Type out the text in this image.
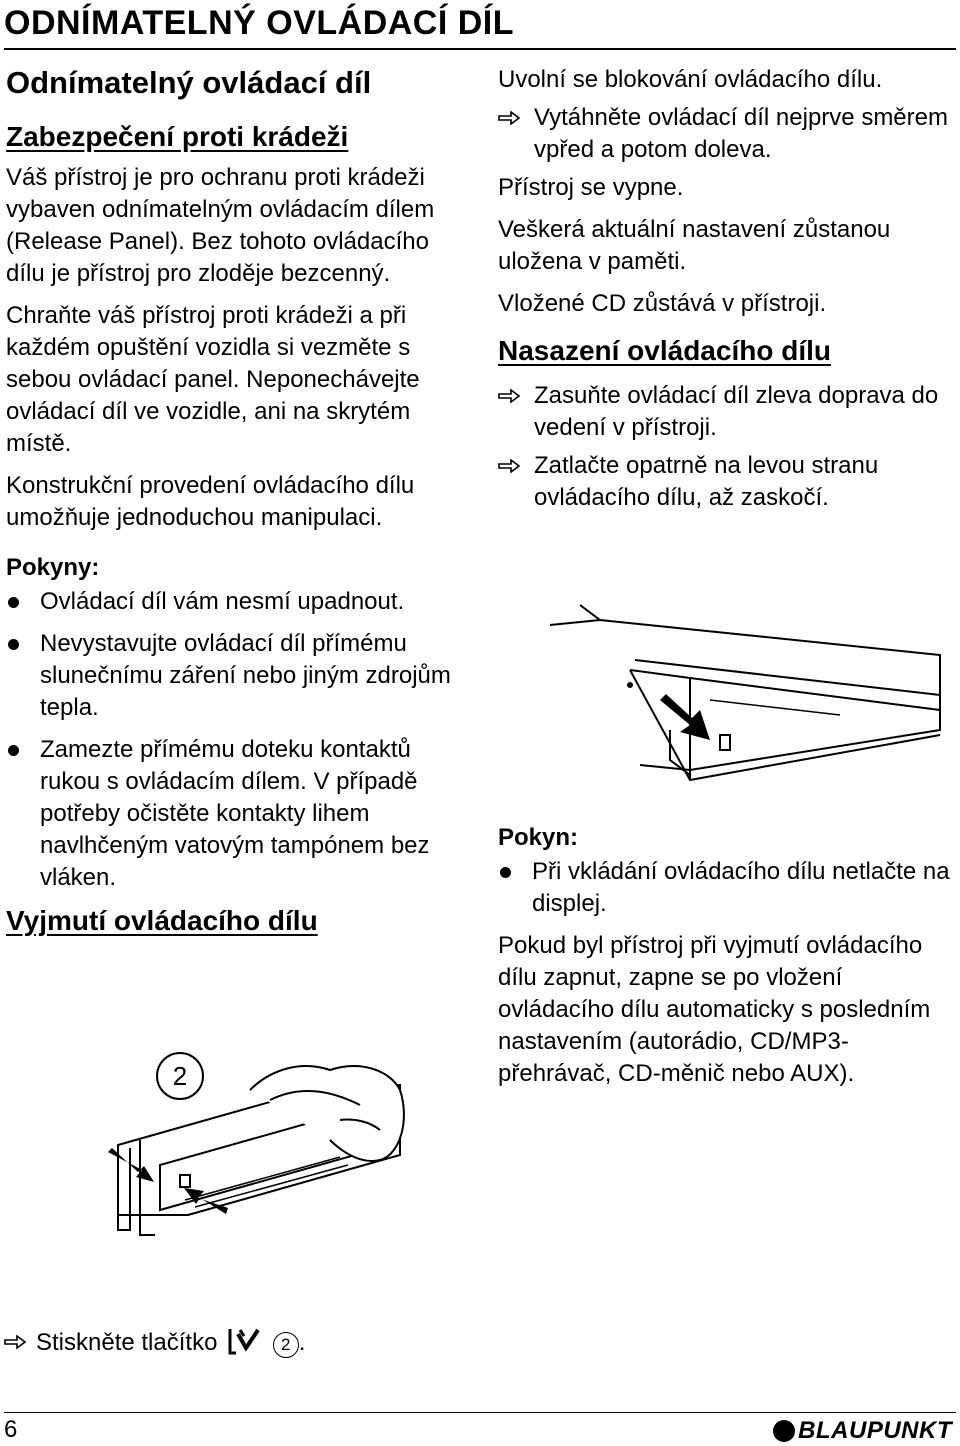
ODNÍMATELNÝ OVLÁDACÍ DÍL
Odnímatelný ovládací díl
Zabezpečení proti krádeži

Váš přístroj je pro ochranu proti krádeži vybaven odnímatelným ovládacím dílem (Release Panel). Bez tohoto ovládacího dílu je přístroj pro zloděje bezcenný.

Chraňte váš přístroj proti krádeži a při každém opuštění vozidla si vezměte s sebou ovládací panel. Neponechávejte ovládací díl ve vozidle, ani na skrytém místě.

Konstrukční provedení ovládacího dílu umožňuje jednoduchou manipulaci.

Pokyny:
Ovládací díl vám nesmí upadnout.
Nevystavujte ovládací díl přímému slunečnímu záření nebo jiným zdrojům tepla.
Zamezte přímému doteku kontaktů rukou s ovládacím dílem. V případě potřeby očistěte kontakty lihem navlhčeným vatovým tampónem bez vláken.
Vyjmutí ovládacího dílu
2
Stiskněte tlačítko	2 .

Uvolní se blokování ovládacího dílu.

Vytáhněte ovládací díl nejprve směrem vpřed a potom doleva.

Přístroj se vypne.

Veškerá aktuální nastavení zůstanou uložena v paměti.

Vložené CD zůstává v přístroji.

Nasazení ovládacího dílu
Zasuňte ovládací díl zleva doprava do vedení v přístroji.
Zatlačte opatrně na levou stranu ovládacího dílu, až zaskočí.
Pokyn:
Při vkládání ovládacího dílu netlačte na displej.

Pokud byl přístroj při vyjmutí ovládacího dílu zapnut, zapne se po vložení ovládacího dílu automaticky s posledním nastavením (autorádio, CD/MP3-přehrávač, CD-měnič nebo AUX).

6	BLAUPUNKT
